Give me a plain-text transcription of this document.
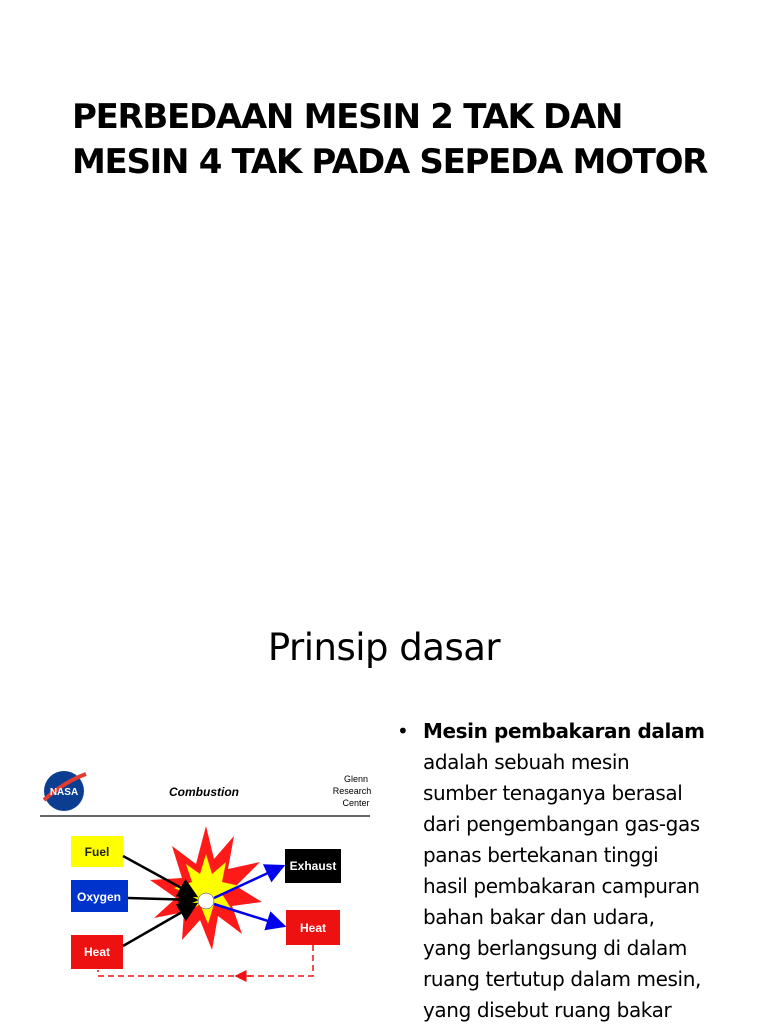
PERBEDAAN MESIN 2 TAK DAN
MESIN 4 TAK PADA SEPEDA MOTOR
Prinsip dasar
NASA	Combustion
Glenn
Research
Center
Fuel
Oxygen
Heat
Exhaust
Heat
• Mesin pembakaran dalam
adalah sebuah mesin
sumber tenaganya berasal
dari pengembangan gas-gas
panas bertekanan tinggi
hasil pembakaran campuran
bahan bakar dan udara,
yang berlangsung di dalam
ruang tertutup dalam mesin,
yang disebut ruang bakar
